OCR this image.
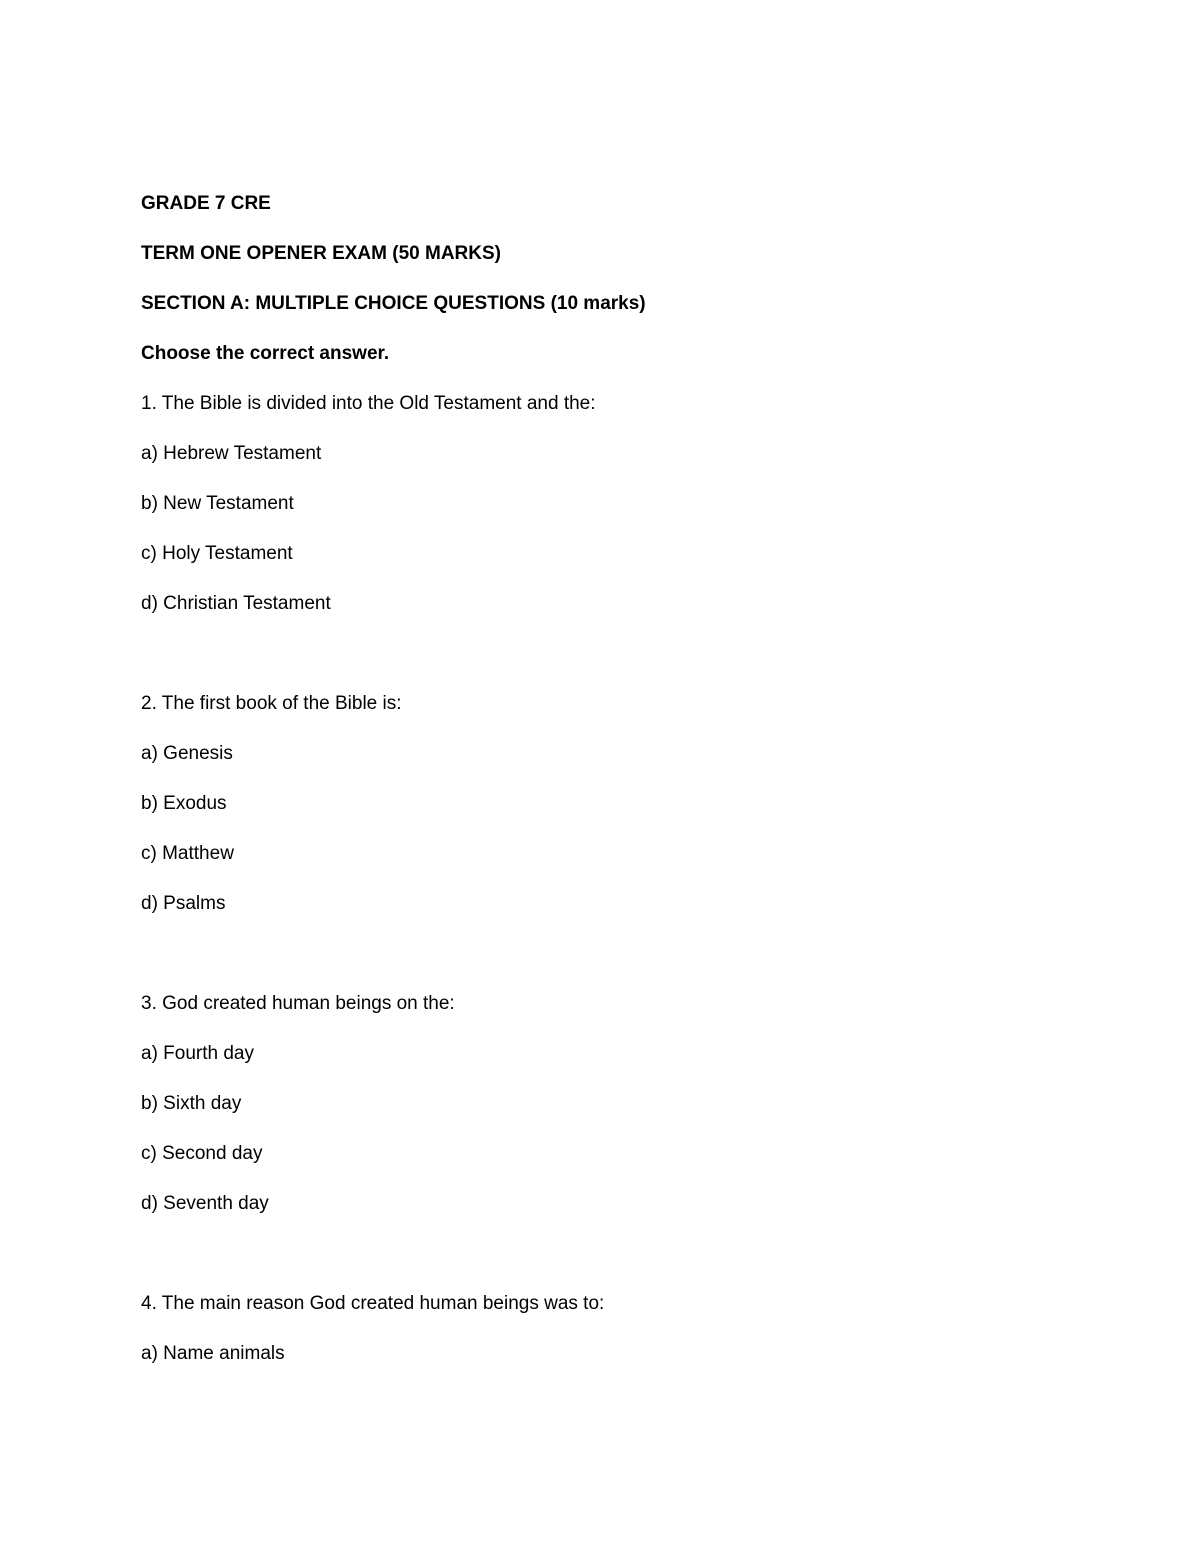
GRADE 7 CRE
TERM ONE OPENER EXAM (50 MARKS)
SECTION A: MULTIPLE CHOICE QUESTIONS (10 marks)
Choose the correct answer.
1. The Bible is divided into the Old Testament and the:
a) Hebrew Testament
b) New Testament
c) Holy Testament
d) Christian Testament
2. The first book of the Bible is:
a) Genesis
b) Exodus
c) Matthew
d) Psalms
3. God created human beings on the:
a) Fourth day
b) Sixth day
c) Second day
d) Seventh day
4. The main reason God created human beings was to:
a) Name animals
